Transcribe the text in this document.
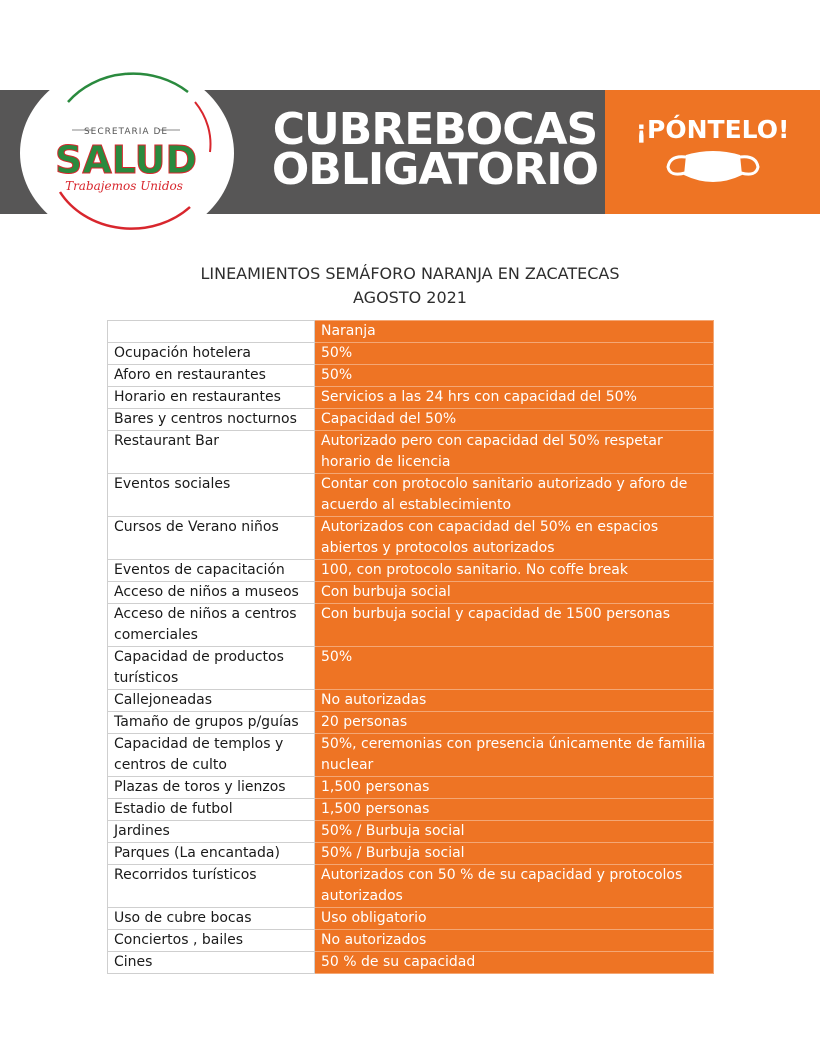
SECRETARIA DE
SALUD
Trabajemos Unidos
CUBREBOCAS
OBLIGATORIO
¡PÓNTELO!
LINEAMIENTOS SEMÁFORO NARANJA EN ZACATECAS
AGOSTO 2021
	Naranja
Ocupación hotelera	50%
Aforo en restaurantes	50%
Horario en restaurantes	Servicios a las 24 hrs con capacidad del 50%
Bares y centros nocturnos	Capacidad del 50%
Restaurant Bar	Autorizado pero con capacidad del 50% respetar horario de licencia
Eventos sociales	Contar con protocolo sanitario autorizado y aforo de acuerdo al establecimiento
Cursos de Verano niños	Autorizados con capacidad del 50% en espacios abiertos y protocolos autorizados
Eventos de capacitación	100, con protocolo sanitario. No coffe break
Acceso de niños a museos	Con burbuja social
Acceso de niños a centros comerciales	Con burbuja social y capacidad de 1500 personas
Capacidad de productos turísticos	50%
Callejoneadas	No autorizadas
Tamaño de grupos p/guías	20 personas
Capacidad de templos y centros de culto	50%, ceremonias con presencia únicamente de familia nuclear
Plazas de toros y lienzos	1,500 personas
Estadio de futbol	1,500 personas
Jardines	50% / Burbuja social
Parques (La encantada)	50% / Burbuja social
Recorridos turísticos	Autorizados con 50 % de su capacidad y protocolos autorizados
Uso de cubre bocas	Uso obligatorio
Conciertos , bailes	No autorizados
Cines	50 % de su capacidad
